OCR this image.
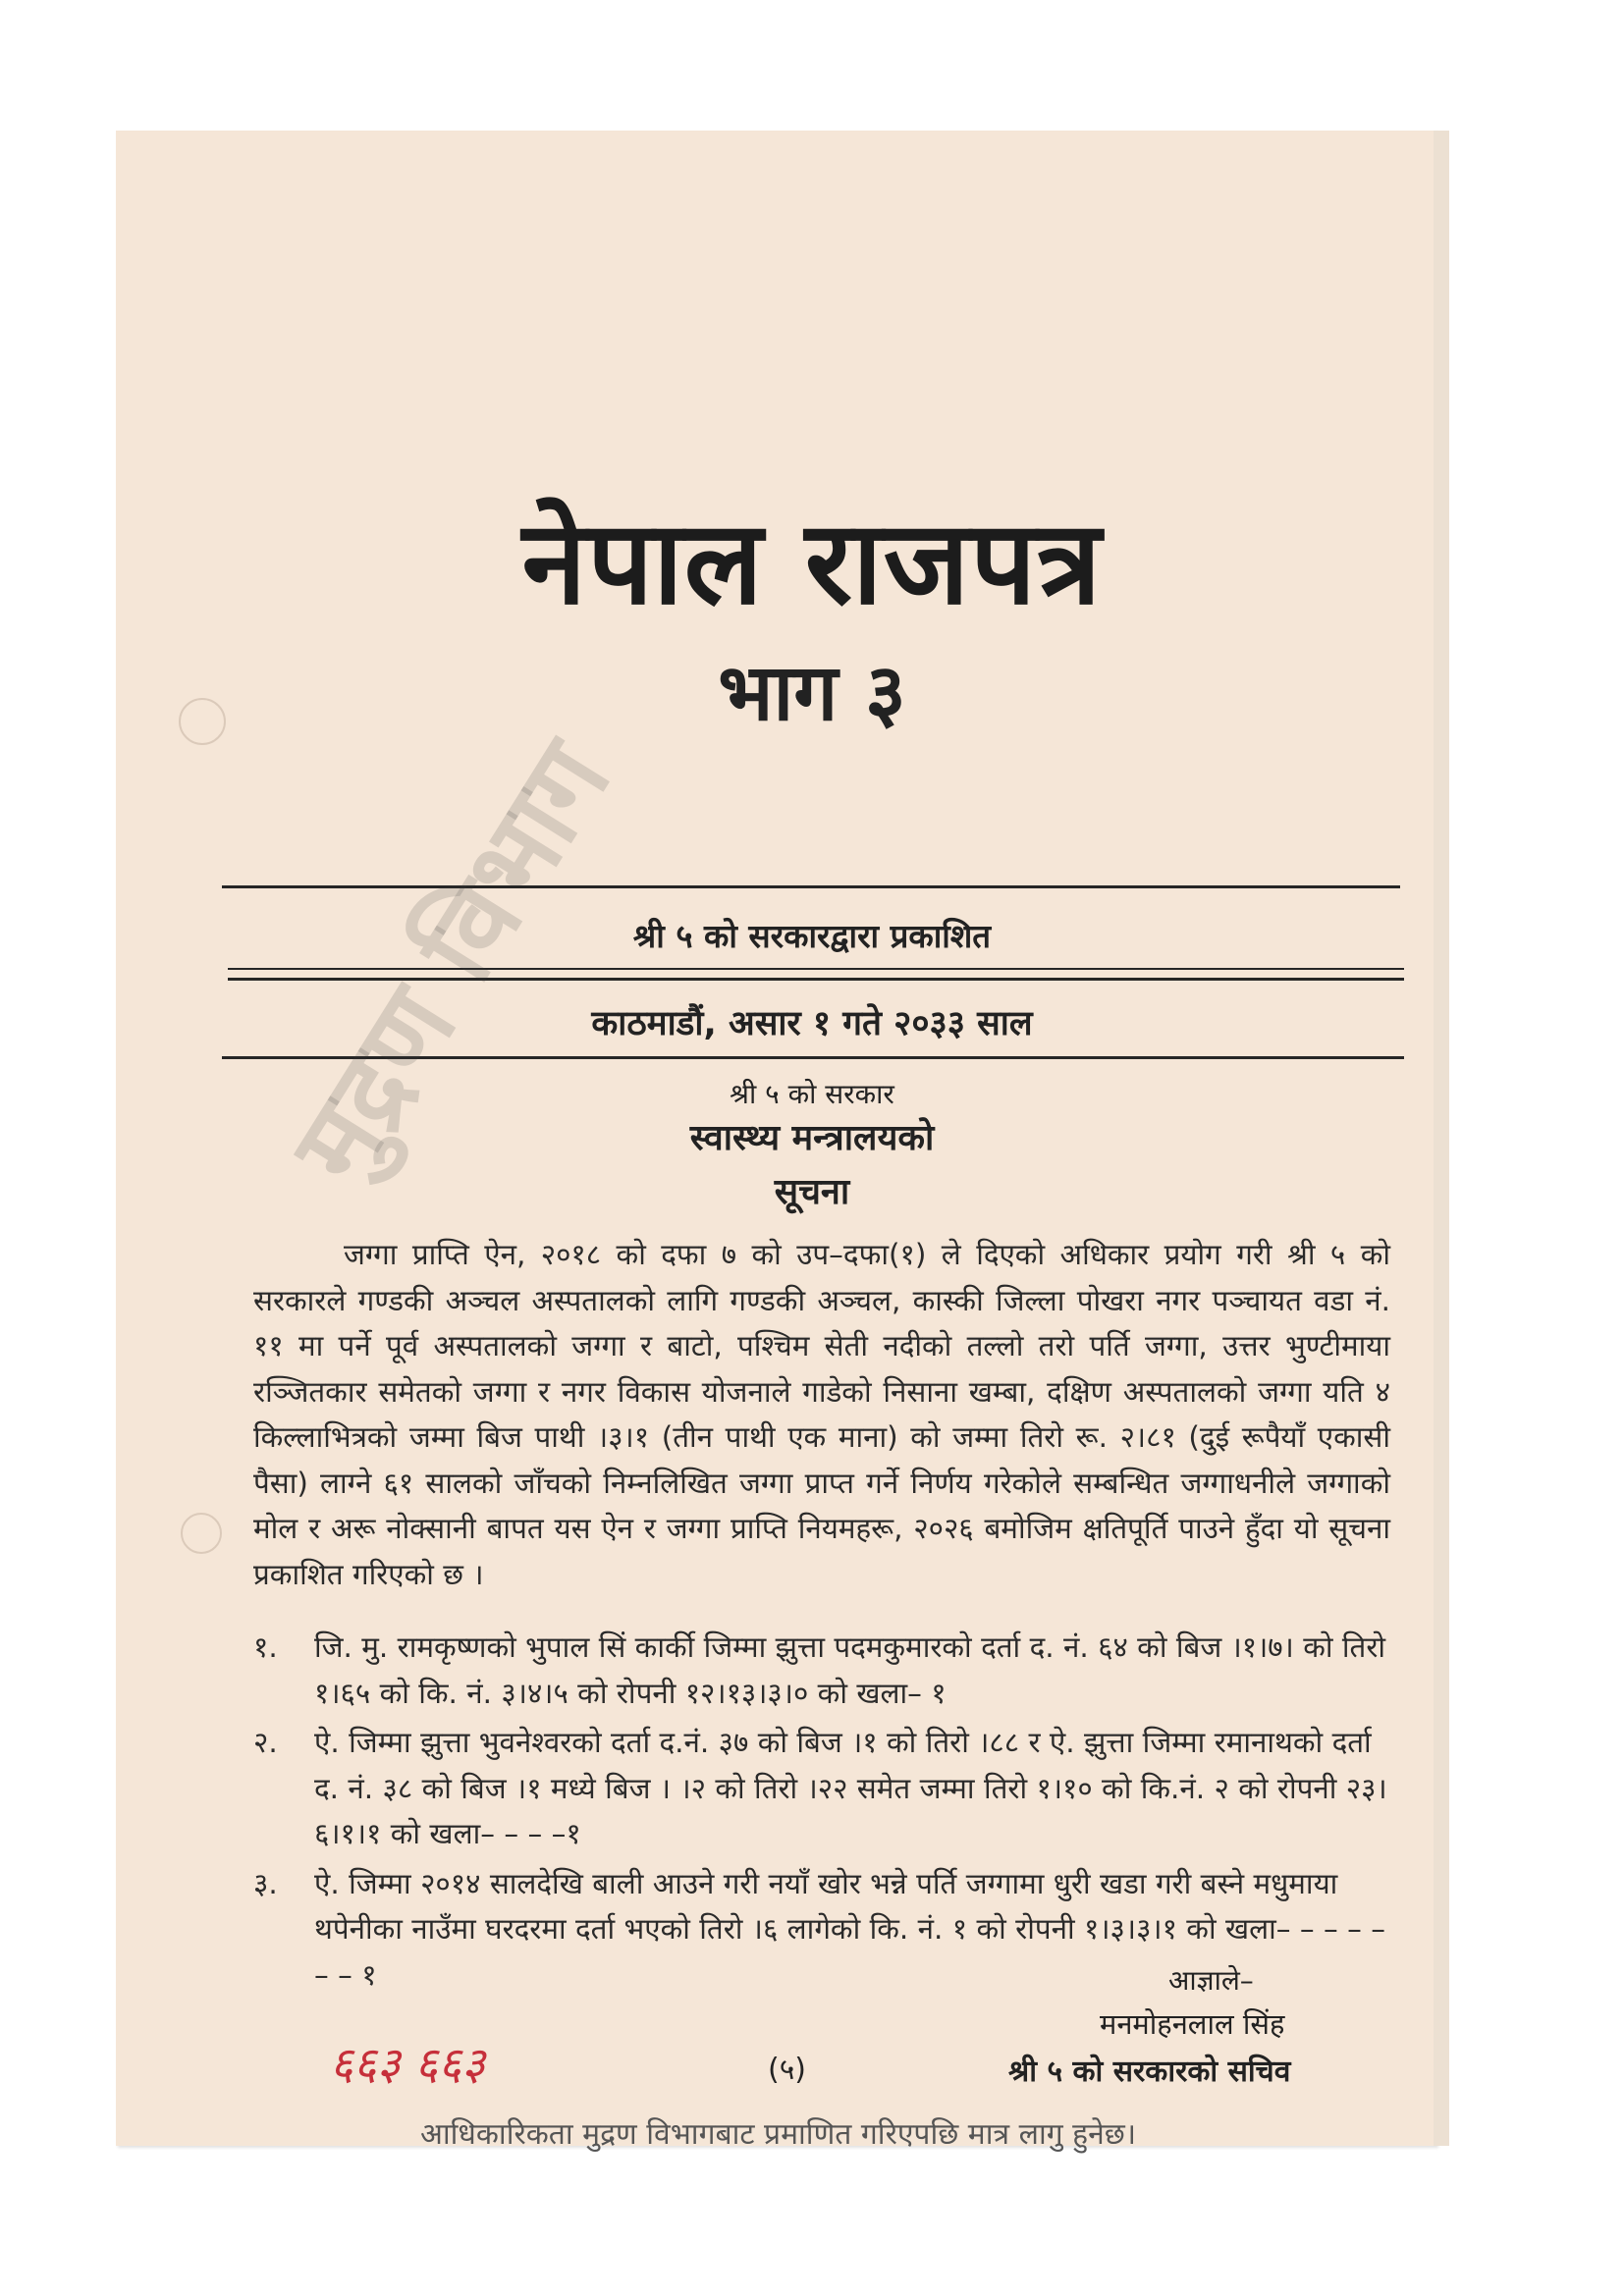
नेपाल राजपत्र
भाग ३
श्री ५ को सरकारद्वारा प्रकाशित
काठमाडौं, असार १ गते २०३३ साल
श्री ५ को सरकार
स्वास्थ्य मन्त्रालयको
सूचना

जग्गा प्राप्ति ऐन, २०१८ को दफा ७ को उप–दफा(१) ले दिएको अधिकार प्रयोग गरी श्री ५ को सरकारले गण्डकी अञ्चल अस्पतालको लागि गण्डकी अञ्चल, कास्की जिल्ला पोखरा नगर पञ्चायत वडा नं. ११ मा पर्ने पूर्व अस्पतालको जग्गा र बाटो, पश्चिम सेती नदीको तल्लो तरो पर्ति जग्गा, उत्तर भुण्टीमाया रञ्जितकार समेतको जग्गा र नगर विकास योजनाले गाडेको निसाना खम्बा, दक्षिण अस्पतालको जग्गा यति ४ किल्लाभित्रको जम्मा बिज पाथी ।३।१ (तीन पाथी एक माना) को जम्मा तिरो रू. २।८१ (दुई रूपैयाँ एकासी पैसा) लाग्ने ६१ सालको जाँचको निम्नलिखित जग्गा प्राप्त गर्ने निर्णय गरेकोले सम्बन्धित जग्गाधनीले जग्गाको मोल र अरू नोक्सानी बापत यस ऐन र जग्गा प्राप्ति नियमहरू, २०२६ बमोजिम क्षतिपूर्ति पाउने हुँदा यो सूचना प्रकाशित गरिएको छ ।

१. जि. मु. रामकृष्णको भुपाल सिं कार्की जिम्मा झुत्ता पदमकुमारको दर्ता द. नं. ६४ को बिज ।१।७। को तिरो १।६५ को कि. नं. ३।४।५ को रोपनी १२।१३।३।० को खला– १
२. ऐ. जिम्मा झुत्ता भुवनेश्वरको दर्ता द.नं. ३७ को बिज ।१ को तिरो ।८८ र ऐ. झुत्ता जिम्मा रमानाथको दर्ता द. नं. ३८ को बिज ।१ मध्ये बिज । ।२ को तिरो ।२२ समेत जम्मा तिरो १।१० को कि.नं. २ को रोपनी २३।६।१।१ को खला– – – –१
३. ऐ. जिम्मा २०१४ सालदेखि बाली आउने गरी नयाँ खोर भन्ने पर्ति जग्गामा धुरी खडा गरी बस्ने मधुमाया थपेनीका नाउँमा घरदरमा दर्ता भएको तिरो ।६ लागेको कि. नं. १ को रोपनी १।३।३।१ को खला– – – – – – – १	आज्ञाले–
मनमोहनलाल सिंह
श्री ५ को सरकारको सचिव
(५)
६६३ ६६३
आधिकारिकता मुद्रण विभागबाट प्रमाणित गरिएपछि मात्र लागु हुनेछ।
